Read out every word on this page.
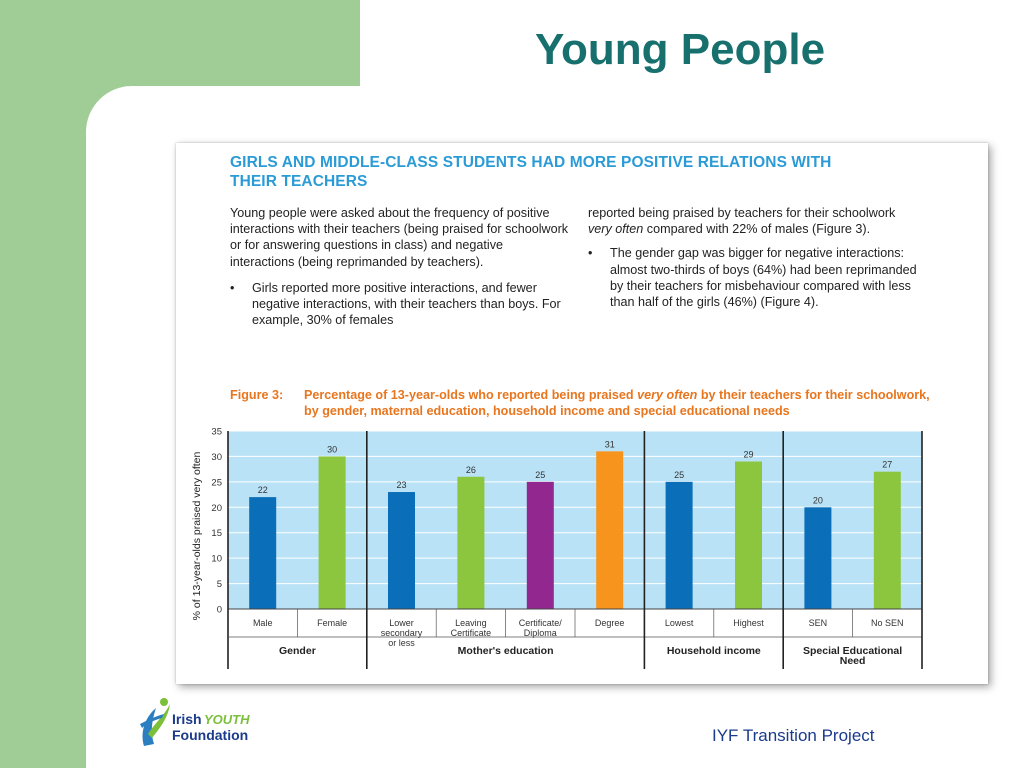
Young People
GIRLS AND MIDDLE-CLASS STUDENTS HAD MORE POSITIVE RELATIONS WITH
THEIR TEACHERS
Young people were asked about the frequency of positive interactions with their teachers (being praised for schoolwork or for answering questions in class) and negative interactions (being reprimanded by teachers).
• Girls reported more positive interactions, and fewer negative interactions, with their teachers than boys. For example, 30% of females
reported being praised by teachers for their schoolwork very often compared with 22% of males (Figure 3).
• The gender gap was bigger for negative interactions: almost two-thirds of boys (64%) had been reprimanded by their teachers for misbehaviour compared with less than half of the girls (46%) (Figure 4).
Figure 3: Percentage of 13-year-olds who reported being praised very often by their teachers for their schoolwork, by gender, maternal education, household income and special educational needs
0
5
10
15
20
25
30
35
% of 13-year-olds praised very often	22
Male
30
Female
23
Lower
secondary
or less
26
Leaving
Certificate
25
Certificate/
Diploma
31
Degree
25
Lowest
29
Highest
20
SEN
27
No SEN
Gender	Mother's education	Household income	Special Educational
Need
Irish YOUTH
Foundation	IYF Transition Project
